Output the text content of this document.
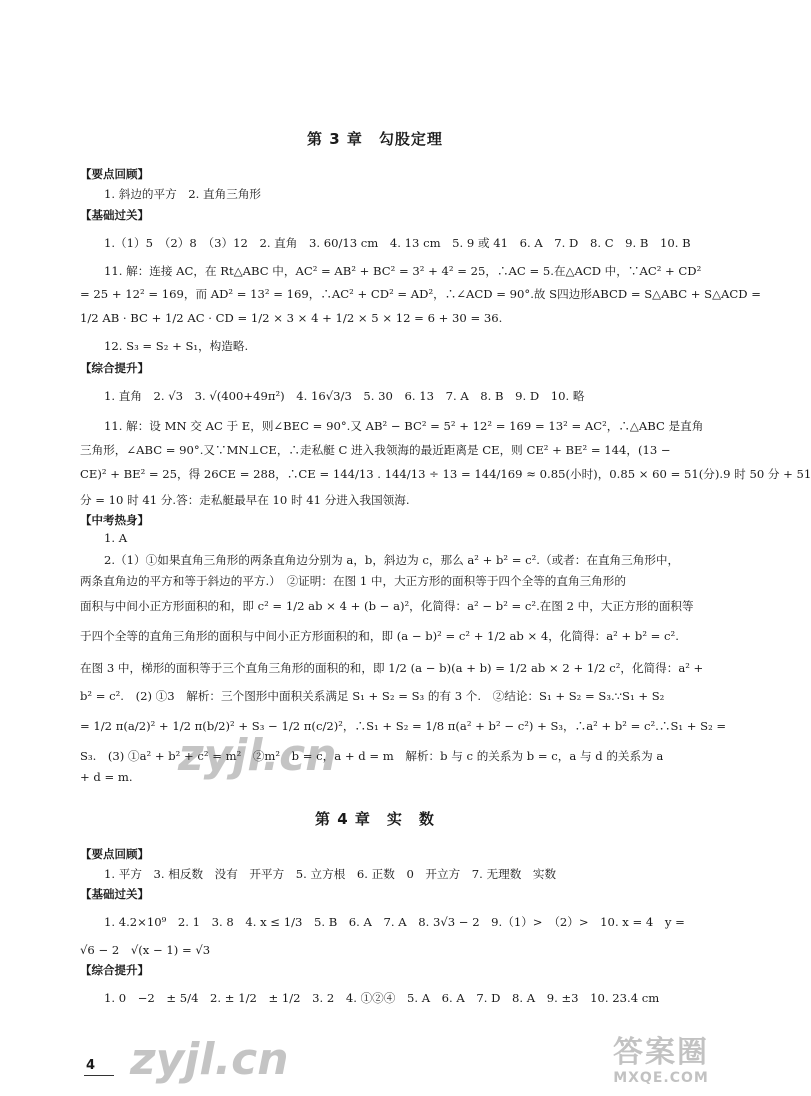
第 3 章　勾股定理
【要点回顾】
1. 斜边的平方　2. 直角三角形
【基础过关】
1.（1）5　（2）8　（3）12　2. 直角　3. 60/13 cm　4. 13 cm　5. 9 或 41　6. A　7. D　8. C　9. B　10. B
11. 解：连接 AC，在 Rt△ABC 中，AC² = AB² + BC² = 3² + 4² = 25，∴AC = 5.在△ACD 中，∵AC² + CD²
= 25 + 12² = 169，而 AD² = 13² = 169，∴AC² + CD² = AD²，∴∠ACD = 90°.故 S四边形ABCD = S△ABC + S△ACD =
1/2 AB · BC + 1/2 AC · CD = 1/2 × 3 × 4 + 1/2 × 5 × 12 = 6 + 30 = 36.
12. S₃ = S₂ + S₁，构造略.
【综合提升】
1. 直角　2. √3　3. √(400+49π²)　4. 16√3/3　5. 30　6. 13　7. A　8. B　9. D　10. 略
11. 解：设 MN 交 AC 于 E，则∠BEC = 90°.又 AB² − BC² = 5² + 12² = 169 = 13² = AC²，∴△ABC 是直角
三角形，∠ABC = 90°.又∵MN⊥CE，∴走私艇 C 进入我领海的最近距离是 CE，则 CE² + BE² = 144，(13 −
CE)² + BE² = 25，得 26CE = 288，∴CE = 144/13 . 144/13 ÷ 13 = 144/169 ≈ 0.85(小时)，0.85 × 60 = 51(分).9 时 50 分 + 51
分 = 10 时 41 分.答：走私艇最早在 10 时 41 分进入我国领海.
【中考热身】
1. A
2.（1）①如果直角三角形的两条直角边分别为 a，b，斜边为 c，那么 a² + b² = c².（或者：在直角三角形中，
两条直角边的平方和等于斜边的平方.）　②证明：在图 1 中，大正方形的面积等于四个全等的直角三角形的
面积与中间小正方形面积的和，即 c² = 1/2 ab × 4 + (b − a)²，化简得：a² − b² = c².在图 2 中，大正方形的面积等
于四个全等的直角三角形的面积与中间小正方形面积的和，即 (a − b)² = c² + 1/2 ab × 4，化简得：a² + b² = c².
在图 3 中，梯形的面积等于三个直角三角形的面积的和，即 1/2 (a − b)(a + b) = 1/2 ab × 2 + 1/2 c²，化简得：a² +
b² = c².　(2) ①3　解析：三个图形中面积关系满足 S₁ + S₂ = S₃ 的有 3 个.　②结论：S₁ + S₂ = S₃.∵S₁ + S₂
= 1/2 π(a/2)² + 1/2 π(b/2)² + S₃ − 1/2 π(c/2)²，∴S₁ + S₂ = 1/8 π(a² + b² − c²) + S₃，∴a² + b² = c².∴S₁ + S₂ =
S₃.　(3) ①a² + b² + c² = m²　②m²　b = c，a + d = m　解析：b 与 c 的关系为 b = c，a 与 d 的关系为 a
+ d = m.
第 4 章　实　数
【要点回顾】
1. 平方　3. 相反数　没有　开平方　5. 立方根　6. 正数　0　开立方　7. 无理数　实数
【基础过关】
1. 4.2×10⁹　2. 1　3. 8　4. x ≤ 1/3　5. B　6. A　7. A　8. 3√3 − 2　9.（1）>　（2）>　10. x = 4　y =
√6 − 2　√(x − 1) = √3
【综合提升】
1. 0　−2　± 5/4　2. ± 1/2　± 1/2　3. 2　4. ①②④　5. A　6. A　7. D　8. A　9. ±3　10. 23.4 cm
zyjl.cn
zyjl.cn
4	答案圈
MXQE.COM
